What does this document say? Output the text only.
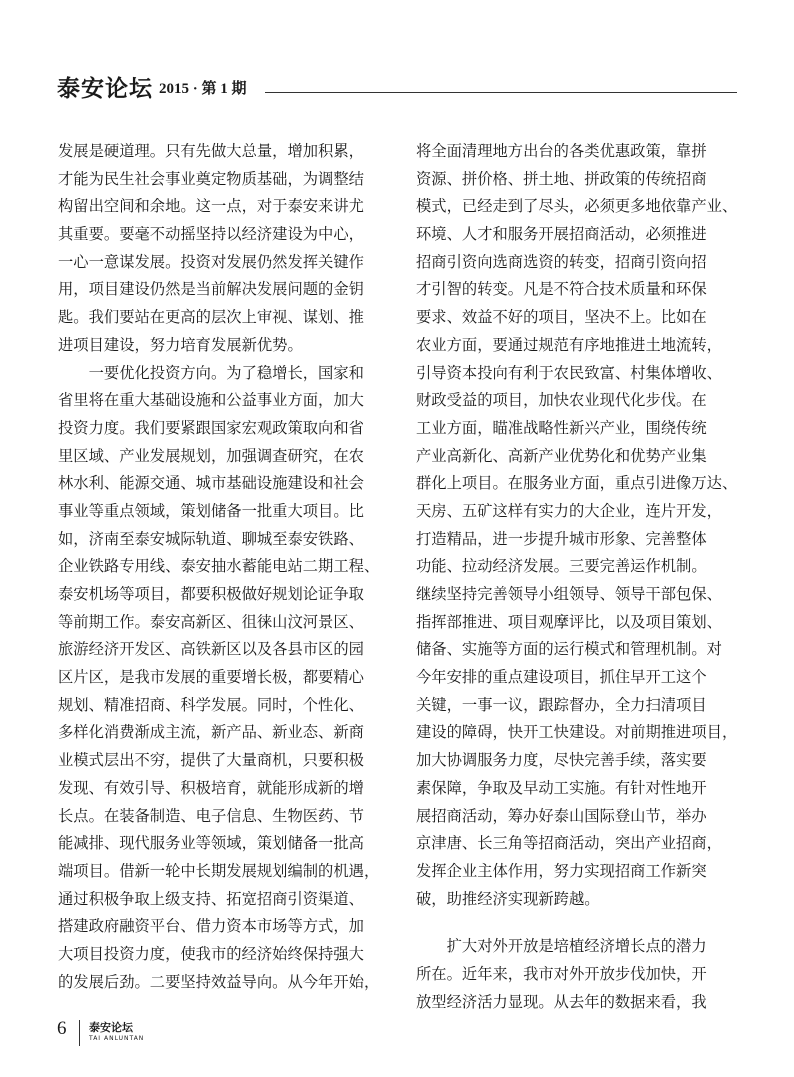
泰安论坛 2015 · 第 1 期
发展是硬道理。只有先做大总量，增加积累，
才能为民生社会事业奠定物质基础，为调整结
构留出空间和余地。这一点，对于泰安来讲尤
其重要。要毫不动摇坚持以经济建设为中心，
一心一意谋发展。投资对发展仍然发挥关键作
用，项目建设仍然是当前解决发展问题的金钥
匙。我们要站在更高的层次上审视、谋划、推
进项目建设，努力培育发展新优势。
　　一要优化投资方向。为了稳增长，国家和
省里将在重大基础设施和公益事业方面，加大
投资力度。我们要紧跟国家宏观政策取向和省
里区域、产业发展规划，加强调查研究，在农
林水利、能源交通、城市基础设施建设和社会
事业等重点领域，策划储备一批重大项目。比
如，济南至泰安城际轨道、聊城至泰安铁路、
企业铁路专用线、泰安抽水蓄能电站二期工程、
泰安机场等项目，都要积极做好规划论证争取
等前期工作。泰安高新区、徂徕山汶河景区、
旅游经济开发区、高铁新区以及各县市区的园
区片区，是我市发展的重要增长极，都要精心
规划、精准招商、科学发展。同时，个性化、
多样化消费渐成主流，新产品、新业态、新商
业模式层出不穷，提供了大量商机，只要积极
发现、有效引导、积极培育，就能形成新的增
长点。在装备制造、电子信息、生物医药、节
能减排、现代服务业等领域，策划储备一批高
端项目。借新一轮中长期发展规划编制的机遇，
通过积极争取上级支持、拓宽招商引资渠道、
搭建政府融资平台、借力资本市场等方式，加
大项目投资力度，使我市的经济始终保持强大
的发展后劲。二要坚持效益导向。从今年开始，
将全面清理地方出台的各类优惠政策，靠拼
资源、拼价格、拼土地、拼政策的传统招商
模式，已经走到了尽头，必须更多地依靠产业、
环境、人才和服务开展招商活动，必须推进
招商引资向选商选资的转变，招商引资向招
才引智的转变。凡是不符合技术质量和环保
要求、效益不好的项目，坚决不上。比如在
农业方面，要通过规范有序地推进土地流转，
引导资本投向有利于农民致富、村集体增收、
财政受益的项目，加快农业现代化步伐。在
工业方面，瞄准战略性新兴产业，围绕传统
产业高新化、高新产业优势化和优势产业集
群化上项目。在服务业方面，重点引进像万达、
天房、五矿这样有实力的大企业，连片开发，
打造精品，进一步提升城市形象、完善整体
功能、拉动经济发展。三要完善运作机制。
继续坚持完善领导小组领导、领导干部包保、
指挥部推进、项目观摩评比，以及项目策划、
储备、实施等方面的运行模式和管理机制。对
今年安排的重点建设项目，抓住早开工这个
关键，一事一议，跟踪督办，全力扫清项目
建设的障碍，快开工快建设。对前期推进项目，
加大协调服务力度，尽快完善手续，落实要
素保障，争取及早动工实施。有针对性地开
展招商活动，筹办好泰山国际登山节，举办
京津唐、长三角等招商活动，突出产业招商，
发挥企业主体作用，努力实现招商工作新突
破，助推经济实现新跨越。
　　扩大对外开放是培植经济增长点的潜力
所在。近年来，我市对外开放步伐加快，开
放型经济活力显现。从去年的数据来看，我
6 泰安论坛
TAI ANLUNTAN
